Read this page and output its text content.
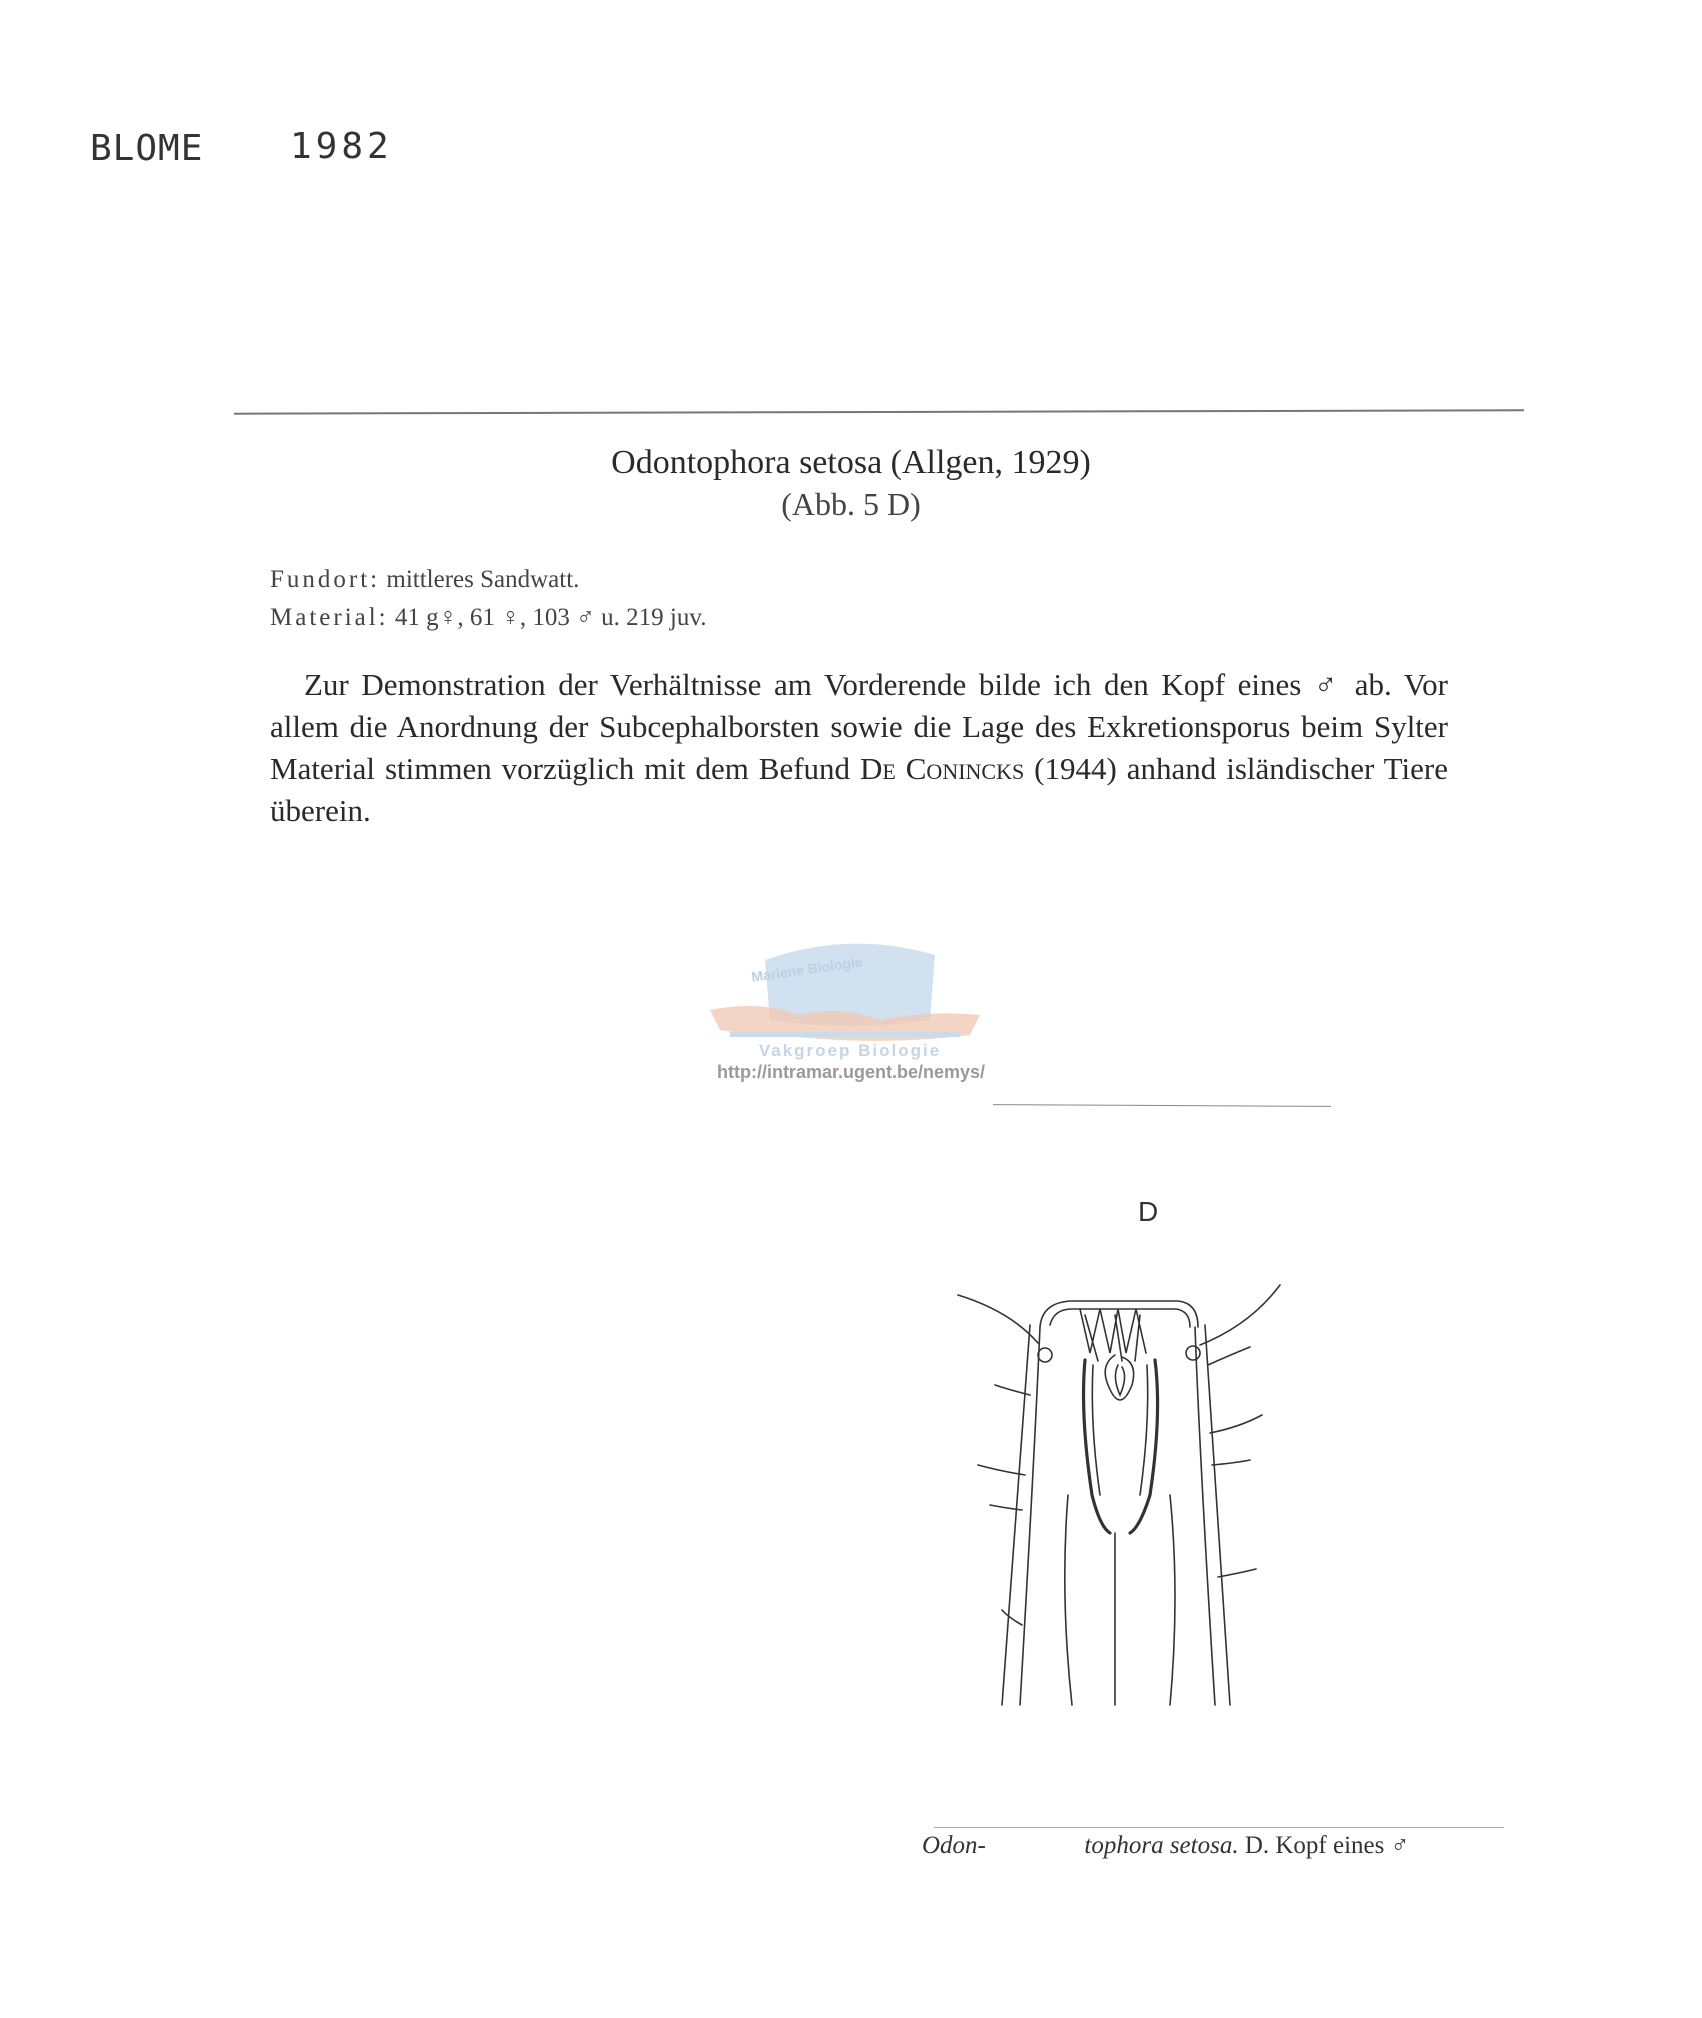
BLOME 1982
Odontophora setosa (Allgen, 1929)
(Abb. 5 D)
Fundort: mittleres Sandwatt.
Material: 41 g♀, 61 ♀, 103 ♂ u. 219 juv.
Zur Demonstration der Verhältnisse am Vorderende bilde ich den Kopf eines ♂ ab. Vor allem die Anordnung der Subcephalborsten sowie die Lage des Exkretionsporus beim Sylter Material stimmen vorzüglich mit dem Befund De Conincks (1944) anhand isländischer Tiere überein.
Mariene Biologie
Vakgroep Biologie
http://intramar.ugent.be/nemys/
D
Odon-	tophora setosa. D. Kopf eines ♂
